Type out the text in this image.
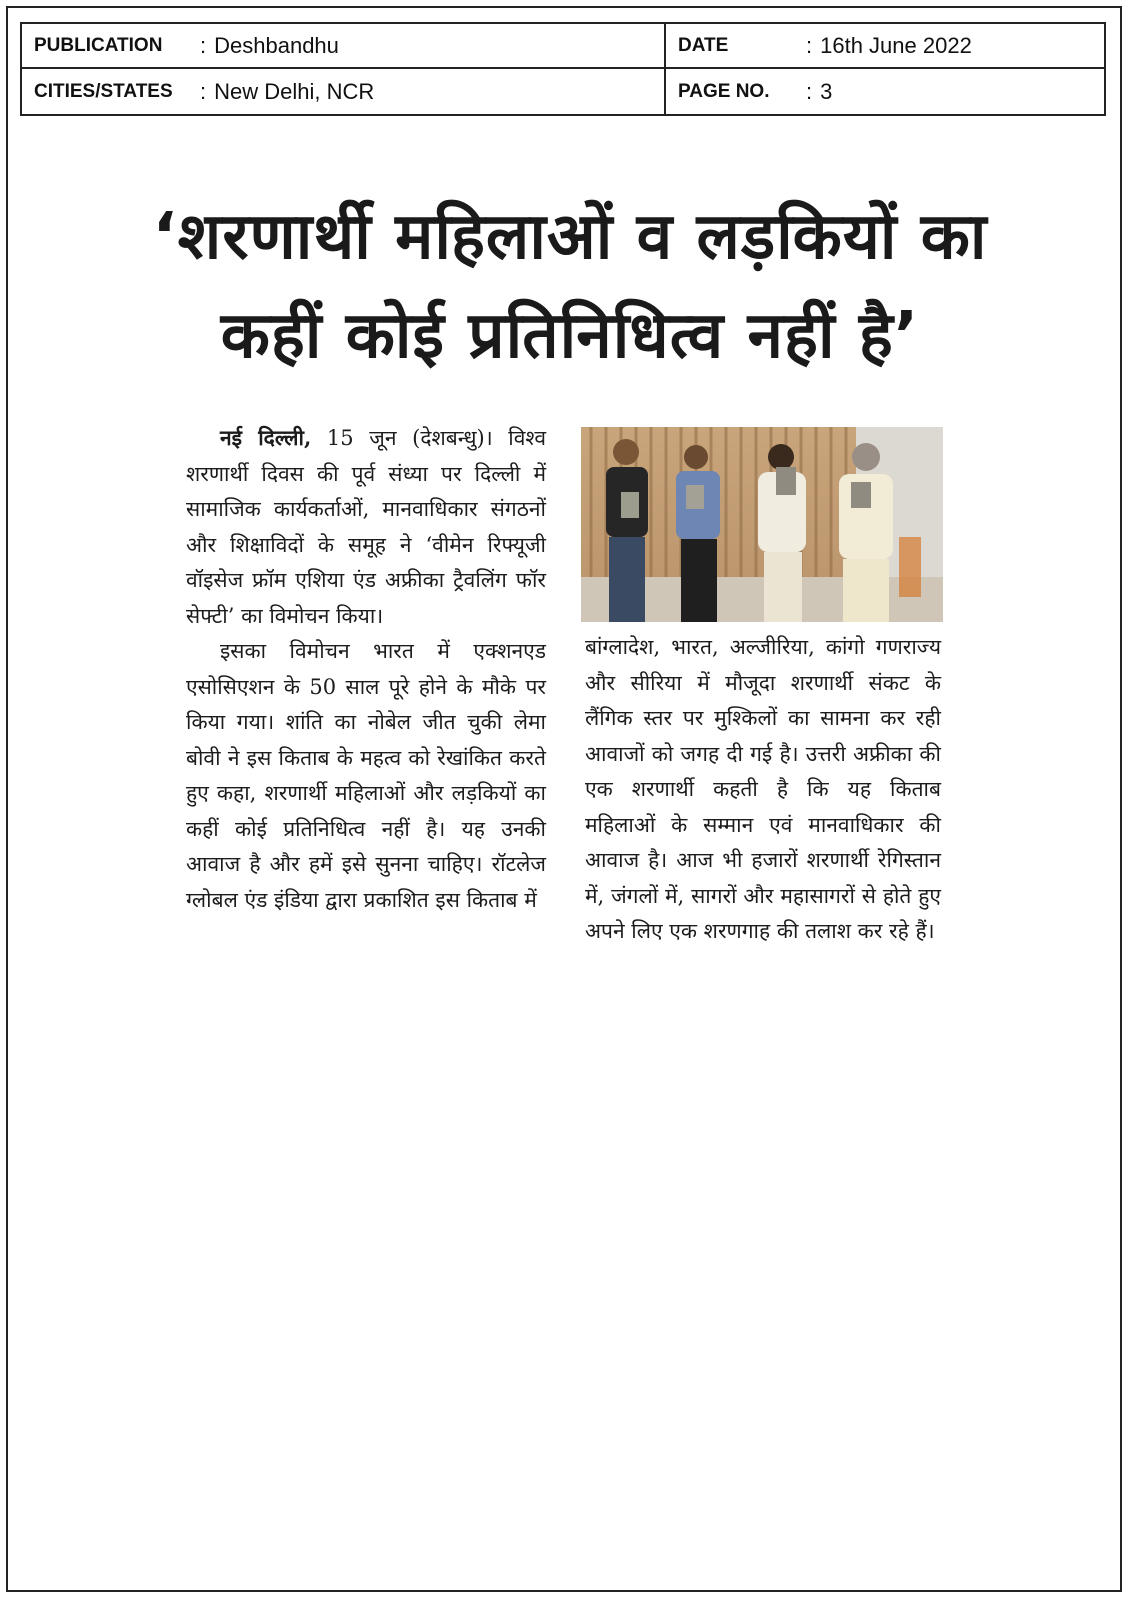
PUBLICATION	: Deshbandhu	DATE	: 16th June 2022
CITIES/STATES	: New Delhi, NCR	PAGE NO.	: 3
‘शरणार्थी महिलाओं व लड़कियों का कहीं कोई प्रतिनिधित्व नहीं है’

नई दिल्ली, 15 जून (देशबन्धु)। विश्व शरणार्थी दिवस की पूर्व संध्या पर दिल्ली में सामाजिक कार्यकर्ताओं, मानवाधिकार संगठनों और शिक्षाविदों के समूह ने ‘वीमेन रिफ्यूजी वॉइसेज फ्रॉम एशिया एंड अफ्रीका ट्रैवलिंग फॉर सेफ्टी’ का विमोचन किया।

इसका विमोचन भारत में एक्शनएड एसोसिएशन के 50 साल पूरे होने के मौके पर किया गया। शांति का नोबेल जीत चुकी लेमा बोवी ने इस किताब के महत्व को रेखांकित करते हुए कहा, शरणार्थी महिलाओं और लड़कियों का कहीं कोई प्रतिनिधित्व नहीं है। यह उनकी आवाज है और हमें इसे सुनना चाहिए। रॉटलेज ग्लोबल एंड इंडिया द्वारा प्रकाशित इस किताब में

बांग्लादेश, भारत, अल्जीरिया, कांगो गणराज्य और सीरिया में मौजूदा शरणार्थी संकट के लैंगिक स्तर पर मुश्किलों का सामना कर रही आवाजों को जगह दी गई है। उत्तरी अफ्रीका की एक शरणार्थी कहती है कि यह किताब महिलाओं के सम्मान एवं मानवाधिकार की आवाज है। आज भी हजारों शरणार्थी रेगिस्तान में, जंगलों में, सागरों और महासागरों से होते हुए अपने लिए एक शरणगाह की तलाश कर रहे हैं।
